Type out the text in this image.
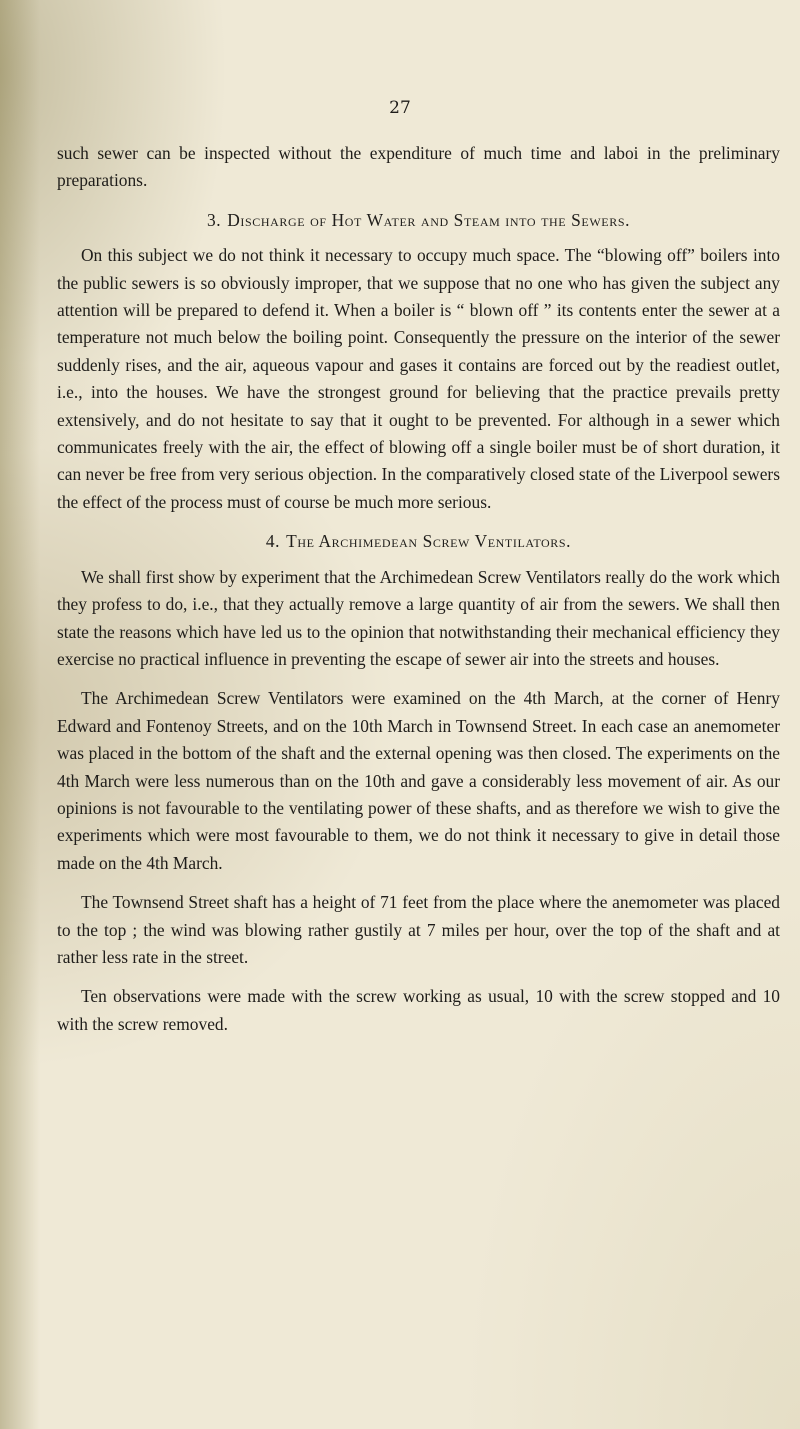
27

such sewer can be inspected without the expenditure of much time and laboi in the preliminary preparations.

3. Discharge of Hot Water and Steam into the Sewers.

On this subject we do not think it necessary to occupy much space. The “blowing off” boilers into the public sewers is so obviously improper, that we suppose that no one who has given the subject any attention will be prepared to defend it. When a boiler is “ blown off ” its contents enter the sewer at a temperature not much below the boiling point. Consequently the pressure on the interior of the sewer suddenly rises, and the air, aqueous vapour and gases it contains are forced out by the readiest outlet, i.e., into the houses. We have the strongest ground for believing that the practice prevails pretty extensively, and do not hesitate to say that it ought to be prevented. For although in a sewer which communicates freely with the air, the effect of blowing off a single boiler must be of short duration, it can never be free from very serious objection. In the comparatively closed state of the Liverpool sewers the effect of the process must of course be much more serious.

4. The Archimedean Screw Ventilators.

We shall first show by experiment that the Archimedean Screw Ventilators really do the work which they profess to do, i.e., that they actually remove a large quantity of air from the sewers. We shall then state the reasons which have led us to the opinion that notwithstanding their mechanical efficiency they exercise no practical influence in preventing the escape of sewer air into the streets and houses.

The Archimedean Screw Ventilators were examined on the 4th March, at the corner of Henry Edward and Fontenoy Streets, and on the 10th March in Townsend Street. In each case an anemometer was placed in the bottom of the shaft and the external opening was then closed. The experiments on the 4th March were less numerous than on the 10th and gave a considerably less movement of air. As our opinions is not favourable to the ventilating power of these shafts, and as therefore we wish to give the experiments which were most favourable to them, we do not think it necessary to give in detail those made on the 4th March.

The Townsend Street shaft has a height of 71 feet from the place where the anemometer was placed to the top ; the wind was blowing rather gustily at 7 miles per hour, over the top of the shaft and at rather less rate in the street.

Ten observations were made with the screw working as usual, 10 with the screw stopped and 10 with the screw removed.
